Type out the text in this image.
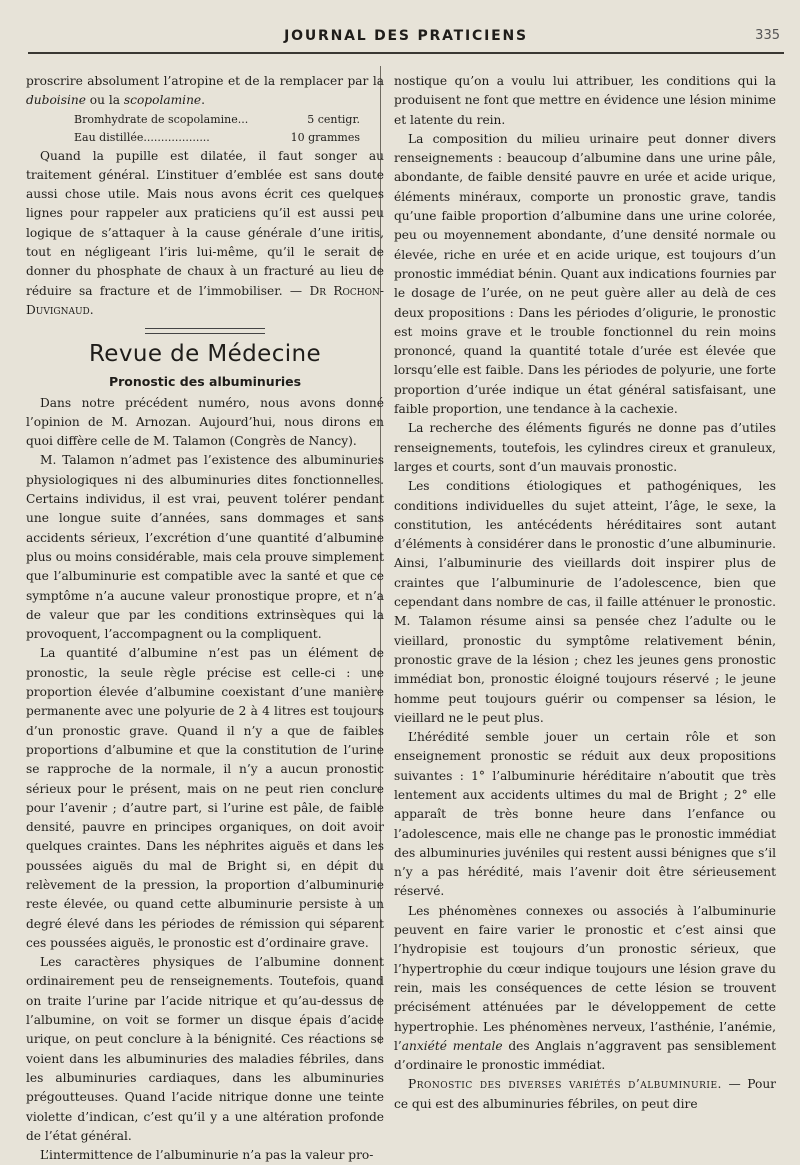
JOURNAL DES PRATICIENS	335

proscrire absolument l’atropine et de la remplacer par la duboisine ou la scopolamine.

Bromhydrate de scopolamine...	5 centigr.
Eau distillée...................	10 grammes

Quand la pupille est dilatée, il faut songer au traitement général. L’instituer d’emblée est sans doute aussi chose utile. Mais nous avons écrit ces quelques lignes pour rappeler aux praticiens qu’il est aussi peu logique de s’attaquer à la cause générale d’une iritis, tout en négligeant l’iris lui-même, qu’il le serait de donner du phosphate de chaux à un fracturé au lieu de réduire sa fracture et de l’immobiliser. — Dr Rochon-Duvignaud.

Revue de Médecine
Pronostic des albuminuries

Dans notre précédent numéro, nous avons donné l’opinion de M. Arnozan. Aujourd’hui, nous dirons en quoi diffère celle de M. Talamon (Congrès de Nancy).

M. Talamon n’admet pas l’existence des albuminuries physiologiques ni des albuminuries dites fonctionnelles. Certains individus, il est vrai, peuvent tolérer pendant une longue suite d’années, sans dommages et sans accidents sérieux, l’excrétion d’une quantité d’albumine plus ou moins considérable, mais cela prouve simplement que l’albuminurie est compatible avec la santé et que ce symptôme n’a aucune valeur pronostique propre, et n’a de valeur que par les conditions extrinsèques qui la provoquent, l’accompagnent ou la compliquent.

La quantité d’albumine n’est pas un élément de pronostic, la seule règle précise est celle-ci : une proportion élevée d’albumine coexistant d’une manière permanente avec une polyurie de 2 à 4 litres est toujours d’un pronostic grave. Quand il n’y a que de faibles proportions d’albumine et que la constitution de l’urine se rapproche de la normale, il n’y a aucun pronostic sérieux pour le présent, mais on ne peut rien conclure pour l’avenir ; d’autre part, si l’urine est pâle, de faible densité, pauvre en principes organiques, on doit avoir quelques craintes. Dans les néphrites aiguës et dans les poussées aiguës du mal de Bright si, en dépit du relèvement de la pression, la proportion d’albuminurie reste élevée, ou quand cette albuminurie persiste à un degré élevé dans les périodes de rémission qui séparent ces poussées aiguës, le pronostic est d’ordinaire grave.

Les caractères physiques de l’albumine donnent ordinairement peu de renseignements. Toutefois, quand on traite l’urine par l’acide nitrique et qu’au-dessus de l’albumine, on voit se former un disque épais d’acide urique, on peut conclure à la bénignité. Ces réactions se voient dans les albuminuries des maladies fébriles, dans les albuminuries cardiaques, dans les albuminuries prégoutteuses. Quand l’acide nitrique donne une teinte violette d’indican, c’est qu’il y a une altération profonde de l’état général.

L’intermittence de l’albuminurie n’a pas la valeur pro-

nostique qu’on a voulu lui attribuer, les conditions qui la produisent ne font que mettre en évidence une lésion minime et latente du rein.

La composition du milieu urinaire peut donner divers renseignements : beaucoup d’albumine dans une urine pâle, abondante, de faible densité pauvre en urée et acide urique, éléments minéraux, comporte un pronostic grave, tandis qu’une faible proportion d’albumine dans une urine colorée, peu ou moyennement abondante, d’une densité normale ou élevée, riche en urée et en acide urique, est toujours d’un pronostic immédiat bénin. Quant aux indications fournies par le dosage de l’urée, on ne peut guère aller au delà de ces deux propositions : Dans les périodes d’oligurie, le pronostic est moins grave et le trouble fonctionnel du rein moins prononcé, quand la quantité totale d’urée est élevée que lorsqu’elle est faible. Dans les périodes de polyurie, une forte proportion d’urée indique un état général satisfaisant, une faible proportion, une tendance à la cachexie.

La recherche des éléments figurés ne donne pas d’utiles renseignements, toutefois, les cylindres cireux et granuleux, larges et courts, sont d’un mauvais pronostic.

Les conditions étiologiques et pathogéniques, les conditions individuelles du sujet atteint, l’âge, le sexe, la constitution, les antécédents héréditaires sont autant d’éléments à considérer dans le pronostic d’une albuminurie. Ainsi, l’albuminurie des vieillards doit inspirer plus de craintes que l’albuminurie de l’adolescence, bien que cependant dans nombre de cas, il faille atténuer le pronostic. M. Talamon résume ainsi sa pensée chez l’adulte ou le vieillard, pronostic du symptôme relativement bénin, pronostic grave de la lésion ; chez les jeunes gens pronostic immédiat bon, pronostic éloigné toujours réservé ; le jeune homme peut toujours guérir ou compenser sa lésion, le vieillard ne le peut plus.

L’hérédité semble jouer un certain rôle et son enseignement pronostic se réduit aux deux propositions suivantes : 1° l’albuminurie héréditaire n’aboutit que très lentement aux accidents ultimes du mal de Bright ; 2° elle apparaît de très bonne heure dans l’enfance ou l’adolescence, mais elle ne change pas le pronostic immédiat des albuminuries juvéniles qui restent aussi bénignes que s’il n’y a pas hérédité, mais l’avenir doit être sérieusement réservé.

Les phénomènes connexes ou associés à l’albuminurie peuvent en faire varier le pronostic et c’est ainsi que l’hydropisie est toujours d’un pronostic sérieux, que l’hypertrophie du cœur indique toujours une lésion grave du rein, mais les conséquences de cette lésion se trouvent précisément atténuées par le développement de cette hypertrophie. Les phénomènes nerveux, l’asthénie, l’anémie, l’anxiété mentale des Anglais n’aggravent pas sensiblement d’ordinaire le pronostic immédiat.

Pronostic des diverses variétés d’albuminurie. — Pour ce qui est des albuminuries fébriles, on peut dire
